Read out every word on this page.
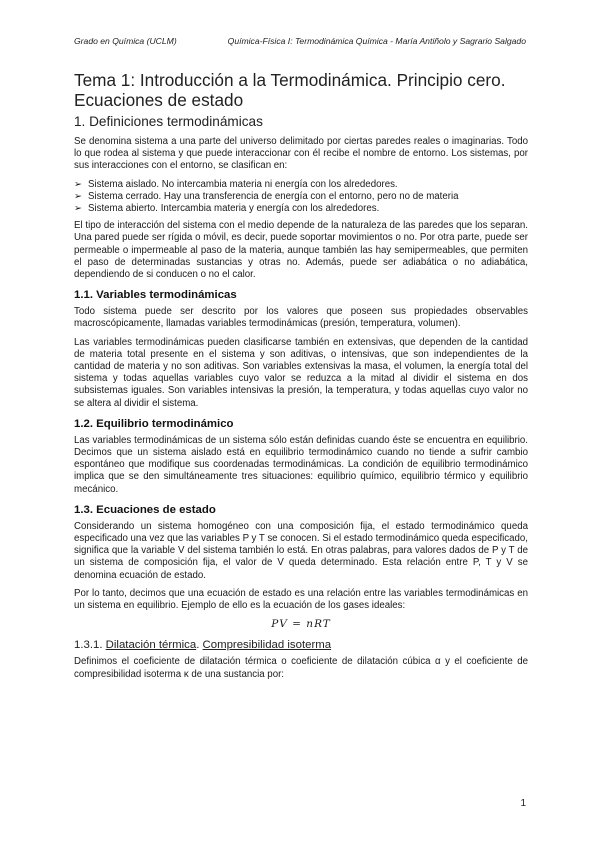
Grado en Química (UCLM)	Química-Física I: Termodinámica Química - María Antiñolo y Sagrario Salgado
Tema 1: Introducción a la Termodinámica. Principio cero. Ecuaciones de estado
1. Definiciones termodinámicas

Se denomina sistema a una parte del universo delimitado por ciertas paredes reales o imaginarias. Todo lo que rodea al sistema y que puede interaccionar con él recibe el nombre de entorno. Los sistemas, por sus interacciones con el entorno, se clasifican en:

➢ Sistema aislado. No intercambia materia ni energía con los alrededores.
➢ Sistema cerrado. Hay una transferencia de energía con el entorno, pero no de materia
➢ Sistema abierto. Intercambia materia y energía con los alrededores.

El tipo de interacción del sistema con el medio depende de la naturaleza de las paredes que los separan. Una pared puede ser rígida o móvil, es decir, puede soportar movimientos o no. Por otra parte, puede ser permeable o impermeable al paso de la materia, aunque también las hay semipermeables, que permiten el paso de determinadas sustancias y otras no. Además, puede ser adiabática o no adiabática, dependiendo de si conducen o no el calor.

1.1. Variables termodinámicas

Todo sistema puede ser descrito por los valores que poseen sus propiedades observables macroscópicamente, llamadas variables termodinámicas (presión, temperatura, volumen).

Las variables termodinámicas pueden clasificarse también en extensivas, que dependen de la cantidad de materia total presente en el sistema y son aditivas, o intensivas, que son independientes de la cantidad de materia y no son aditivas. Son variables extensivas la masa, el volumen, la energía total del sistema y todas aquellas variables cuyo valor se reduzca a la mitad al dividir el sistema en dos subsistemas iguales. Son variables intensivas la presión, la temperatura, y todas aquellas cuyo valor no se altera al dividir el sistema.

1.2. Equilibrio termodinámico

Las variables termodinámicas de un sistema sólo están definidas cuando éste se encuentra en equilibrio. Decimos que un sistema aislado está en equilibrio termodinámico cuando no tiende a sufrir cambio espontáneo que modifique sus coordenadas termodinámicas. La condición de equilibrio termodinámico implica que se den simultáneamente tres situaciones: equilibrio químico, equilibrio térmico y equilibrio mecánico.

1.3. Ecuaciones de estado

Considerando un sistema homogéneo con una composición fija, el estado termodinámico queda especificado una vez que las variables P y T se conocen. Si el estado termodinámico queda especificado, significa que la variable V del sistema también lo está. En otras palabras, para valores dados de P y T de un sistema de composición fija, el valor de V queda determinado. Esta relación entre P, T y V se denomina ecuación de estado.

Por lo tanto, decimos que una ecuación de estado es una relación entre las variables termodinámicas en un sistema en equilibrio. Ejemplo de ello es la ecuación de los gases ideales:

PV = nRT
1.3.1. Dilatación térmica. Compresibilidad isoterma

Definimos el coeficiente de dilatación térmica o coeficiente de dilatación cúbica α y el coeficiente de compresibilidad isoterma κ de una sustancia por:

1
